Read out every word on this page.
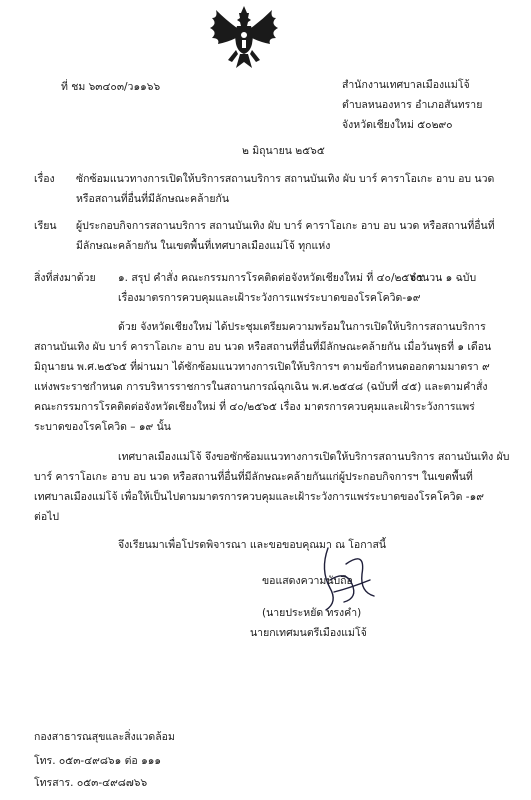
ที่ ชม ๖๓๔๐๓/ว๑๑๖๖	สำนักงานเทศบาลเมืองแม่โจ้
ตำบลหนองหาร อำเภอสันทราย
จังหวัดเชียงใหม่ ๕๐๒๙๐
๒ มิถุนายน ๒๕๖๕
เรื่อง ซักซ้อมแนวทางการเปิดให้บริการสถานบริการ สถานบันเทิง ผับ บาร์ คาราโอเกะ อาบ อบ นวด
หรือสถานที่อื่นที่มีลักษณะคล้ายกัน
เรียน ผู้ประกอบกิจการสถานบริการ สถานบันเทิง ผับ บาร์ คาราโอเกะ อาบ อบ นวด หรือสถานที่อื่นที่
มีลักษณะคล้ายกัน ในเขตพื้นที่เทศบาลเมืองแม่โจ้ ทุกแห่ง
สิ่งที่ส่งมาด้วย ๑. สรุป คำสั่ง คณะกรรมการโรคติดต่อจังหวัดเชียงใหม่ ที่ ๔๐/๒๕๖๕
จำนวน ๑ ฉบับ
เรื่องมาตรการควบคุมและเฝ้าระวังการแพร่ระบาดของโรคโควิด-๑๙
ด้วย จังหวัดเชียงใหม่ ได้ประชุมเตรียมความพร้อมในการเปิดให้บริการสถานบริการ
สถานบันเทิง ผับ บาร์ คาราโอเกะ อาบ อบ นวด หรือสถานที่อื่นที่มีลักษณะคล้ายกัน เมื่อวันพุธที่ ๑ เดือน
มิถุนายน พ.ศ.๒๕๖๕ ที่ผ่านมา ได้ซักซ้อมแนวทางการเปิดให้บริการฯ ตามข้อกำหนดออกตามมาตรา ๙
แห่งพระราชกำหนด การบริหารราชการในสถานการณ์ฉุกเฉิน พ.ศ.๒๕๔๘ (ฉบับที่ ๔๕) และตามคำสั่ง
คณะกรรมการโรคติดต่อจังหวัดเชียงใหม่ ที่ ๔๐/๒๕๖๕ เรื่อง มาตรการควบคุมและเฝ้าระวังการแพร่
ระบาดของโรคโควิด – ๑๙ นั้น
เทศบาลเมืองแม่โจ้ จึงขอซักซ้อมแนวทางการเปิดให้บริการสถานบริการ สถานบันเทิง ผับ
บาร์ คาราโอเกะ อาบ อบ นวด หรือสถานที่อื่นที่มีลักษณะคล้ายกันแก่ผู้ประกอบกิจการฯ ในเขตพื้นที่
เทศบาลเมืองแม่โจ้ เพื่อให้เป็นไปตามมาตรการควบคุมและเฝ้าระวังการแพร่ระบาดของโรคโควิด -๑๙
ต่อไป
จึงเรียนมาเพื่อโปรดพิจารณา และขอขอบคุณมา ณ โอกาสนี้
ขอแสดงความนับถือ
(นายประหยัด ทรงคำ)
นายกเทศมนตรีเมืองแม่โจ้
กองสาธารณสุขและสิ่งแวดล้อม
โทร. ๐๕๓-๔๙๘๖๑ ต่อ ๑๑๑
โทรสาร. ๐๕๓-๔๙๘๗๖๖
